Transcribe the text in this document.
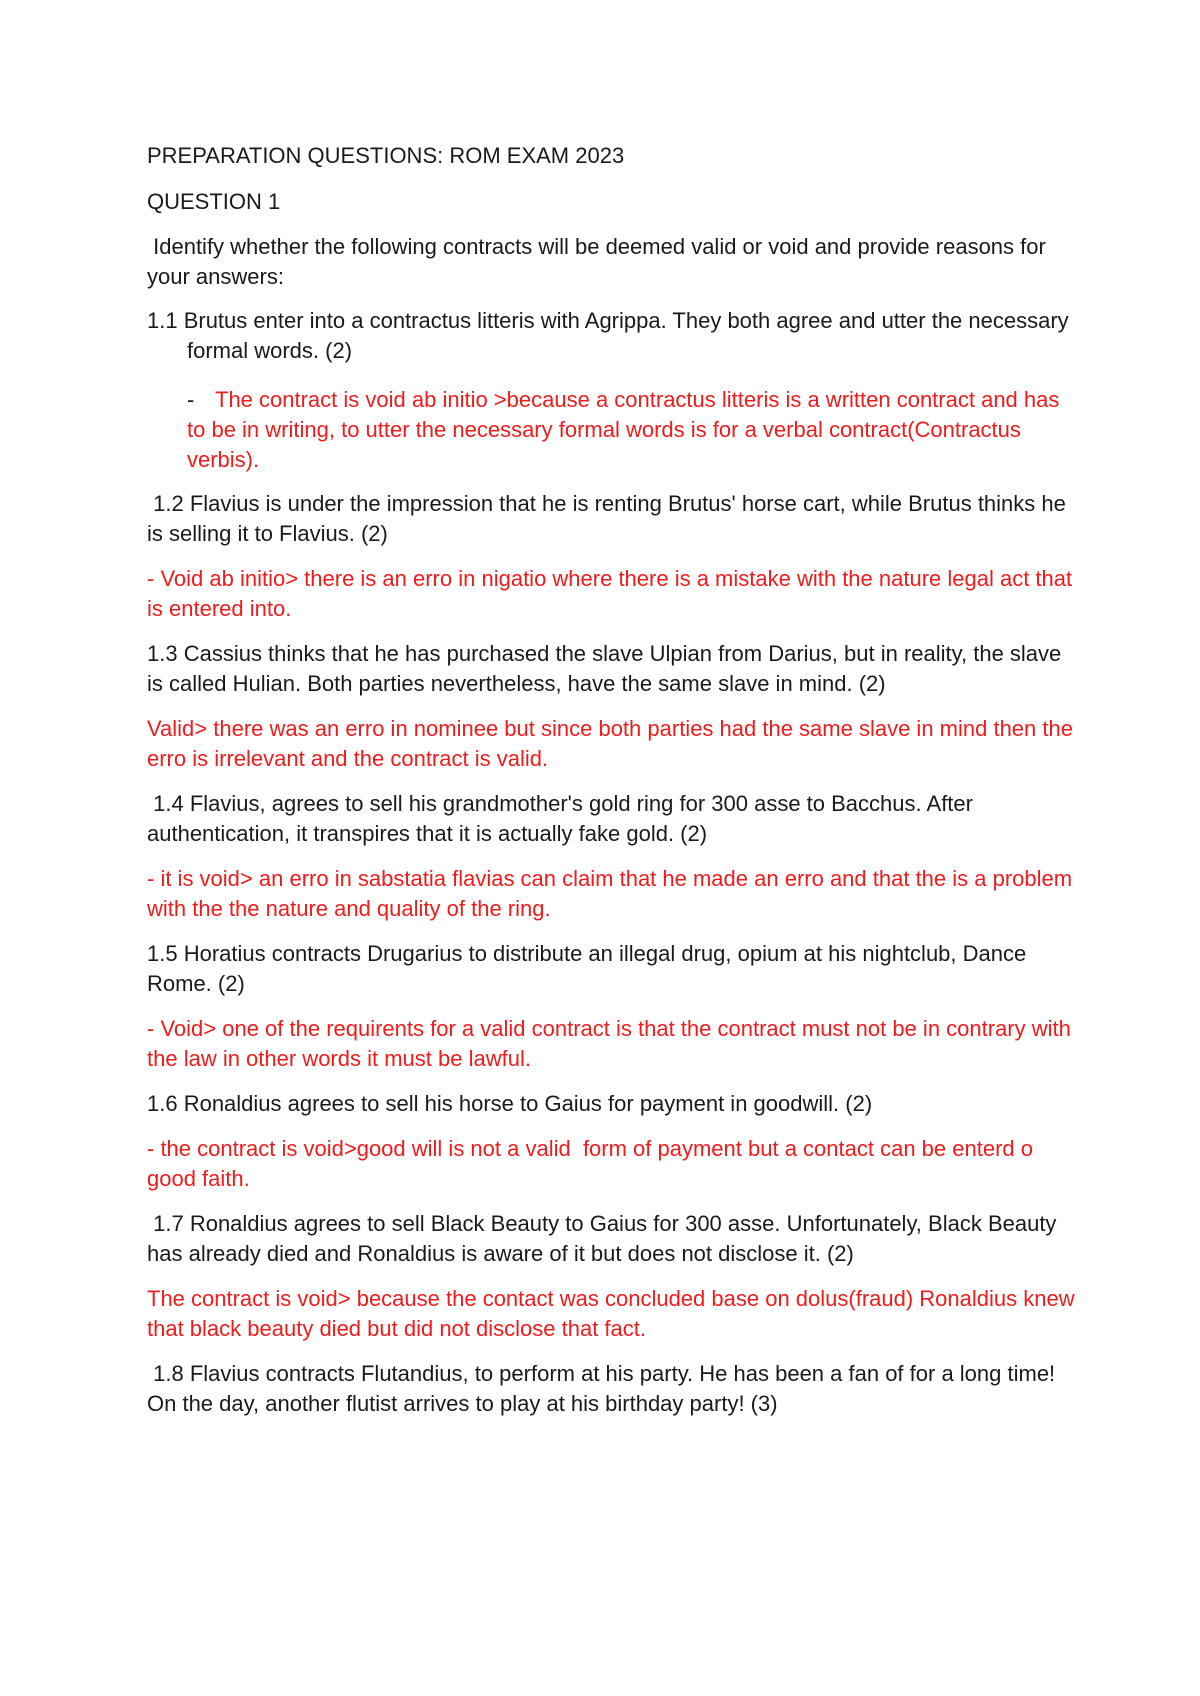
PREPARATION QUESTIONS: ROM EXAM 2023

QUESTION 1

Identify whether the following contracts will be deemed valid or void and provide reasons for your answers:

1.1 Brutus enter into a contractus litteris with Agrippa. They both agree and utter the necessary formal words. (2)

- The contract is void ab initio >because a contractus litteris is a written contract and has to be in writing, to utter the necessary formal words is for a verbal contract(Contractus verbis).

1.2 Flavius is under the impression that he is renting Brutus' horse cart, while Brutus thinks he is selling it to Flavius. (2)

- Void ab initio> there is an erro in nigatio where there is a mistake with the nature legal act that is entered into.

1.3 Cassius thinks that he has purchased the slave Ulpian from Darius, but in reality, the slave is called Hulian. Both parties nevertheless, have the same slave in mind. (2)

Valid> there was an erro in nominee but since both parties had the same slave in mind then the erro is irrelevant and the contract is valid.

1.4 Flavius, agrees to sell his grandmother's gold ring for 300 asse to Bacchus. After authentication, it transpires that it is actually fake gold. (2)

- it is void> an erro in sabstatia flavias can claim that he made an erro and that the is a problem with the the nature and quality of the ring.

1.5 Horatius contracts Drugarius to distribute an illegal drug, opium at his nightclub, Dance Rome. (2)

- Void> one of the requirents for a valid contract is that the contract must not be in contrary with the law in other words it must be lawful.

1.6 Ronaldius agrees to sell his horse to Gaius for payment in goodwill. (2)

- the contract is void>good will is not a valid  form of payment but a contact can be enterd o good faith.

1.7 Ronaldius agrees to sell Black Beauty to Gaius for 300 asse. Unfortunately, Black Beauty has already died and Ronaldius is aware of it but does not disclose it. (2)

The contract is void> because the contact was concluded base on dolus(fraud) Ronaldius knew that black beauty died but did not disclose that fact.

1.8 Flavius contracts Flutandius, to perform at his party. He has been a fan of for a long time! On the day, another flutist arrives to play at his birthday party! (3)
